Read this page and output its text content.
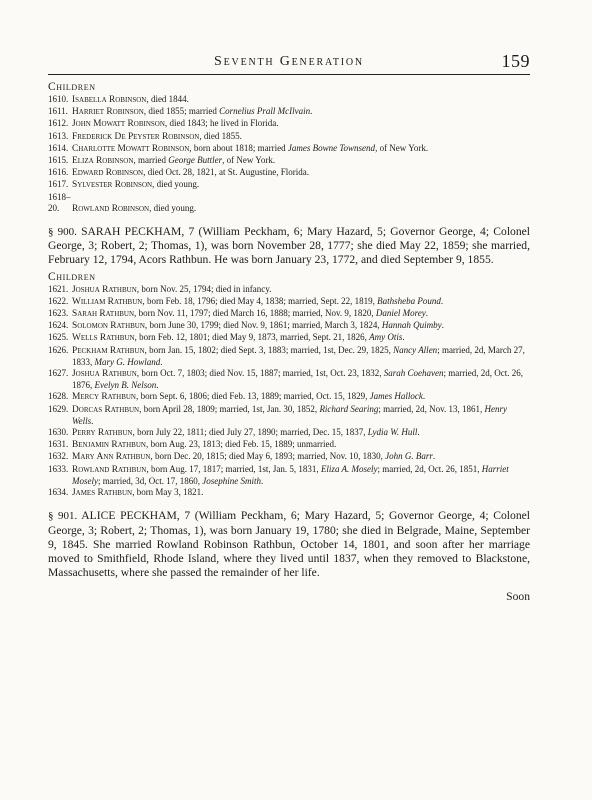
Seventh Generation	159
Children
1610. Isabella Robinson, died 1844.
1611. Harriet Robinson, died 1855; married Cornelius Prall McIlvain.
1612. John Mowatt Robinson, died 1843; he lived in Florida.
1613. Frederick De Peyster Robinson, died 1855.
1614. Charlotte Mowatt Robinson, born about 1818; married James Bowne Townsend, of New York.
1615. Eliza Robinson, married George Buttler, of New York.
1616. Edward Robinson, died Oct. 28, 1821, at St. Augustine, Florida.
1617. Sylvester Robinson, died young.
1618–20. Rowland Robinson, died young.
§ 900. SARAH PECKHAM, 7 (William Peckham, 6; Mary Hazard, 5; Governor George, 4; Colonel George, 3; Robert, 2; Thomas, 1), was born November 28, 1777; she died May 22, 1859; she married, February 12, 1794, Acors Rathbun. He was born January 23, 1772, and died September 9, 1855.
Children
1621. Joshua Rathbun, born Nov. 25, 1794; died in infancy.
1622. William Rathbun, born Feb. 18, 1796; died May 4, 1838; married, Sept. 22, 1819, Bathsheba Pound.
1623. Sarah Rathbun, born Nov. 11, 1797; died March 16, 1888; married, Nov. 9, 1820, Daniel Morey.
1624. Solomon Rathbun, born June 30, 1799; died Nov. 9, 1861; married, March 3, 1824, Hannah Quimby.
1625. Wells Rathbun, born Feb. 12, 1801; died May 9, 1873, married, Sept. 21, 1826, Amy Otis.
1626. Peckham Rathbun, born Jan. 15, 1802; died Sept. 3, 1883; married, 1st, Dec. 29, 1825, Nancy Allen; married, 2d, March 27, 1833, Mary G. Howland.
1627. Joshua Rathbun, born Oct. 7, 1803; died Nov. 15, 1887; married, 1st, Oct. 23, 1832, Sarah Coehaven; married, 2d, Oct. 26, 1876, Evelyn B. Nelson.
1628. Mercy Rathbun, born Sept. 6, 1806; died Feb. 13, 1889; married, Oct. 15, 1829, James Hallock.
1629. Dorcas Rathbun, born April 28, 1809; married, 1st, Jan. 30, 1852, Richard Searing; married, 2d, Nov. 13, 1861, Henry Wells.
1630. Perry Rathbun, born July 22, 1811; died July 27, 1890; married, Dec. 15, 1837, Lydia W. Hull.
1631. Benjamin Rathbun, born Aug. 23, 1813; died Feb. 15, 1889; unmarried.
1632. Mary Ann Rathbun, born Dec. 20, 1815; died May 6, 1893; married, Nov. 10, 1830, John G. Barr.
1633. Rowland Rathbun, born Aug. 17, 1817; married, 1st, Jan. 5, 1831, Eliza A. Mosely; married, 2d, Oct. 26, 1851, Harriet Mosely; married, 3d, Oct. 17, 1860, Josephine Smith.
1634. James Rathbun, born May 3, 1821.
§ 901. ALICE PECKHAM, 7 (William Peckham, 6; Mary Hazard, 5; Governor George, 4; Colonel George, 3; Robert, 2; Thomas, 1), was born January 19, 1780; she died in Belgrade, Maine, September 9, 1845. She married Rowland Robinson Rathbun, October 14, 1801, and soon after her marriage moved to Smithfield, Rhode Island, where they lived until 1837, when they removed to Blackstone, Massachusetts, where she passed the remainder of her life.
Soon
